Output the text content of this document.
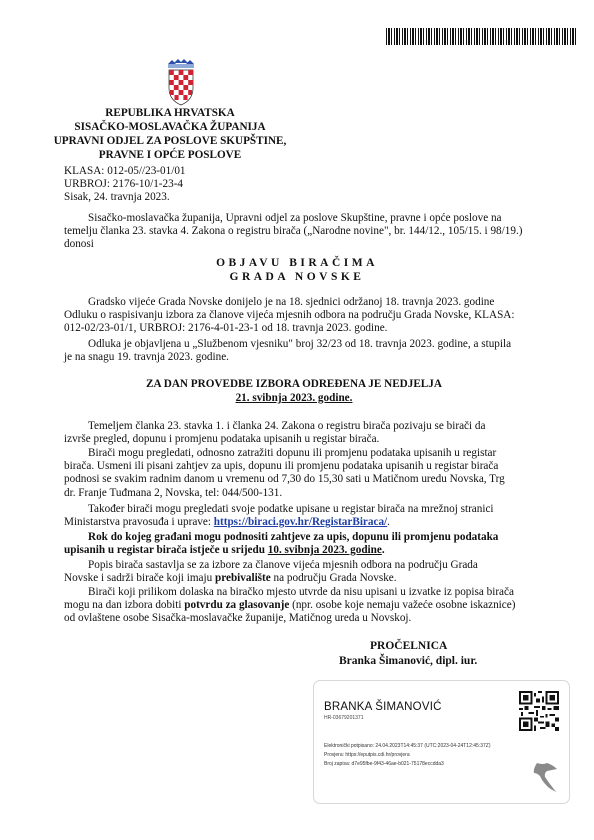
REPUBLIKA HRVATSKA
SISAČKO-MOSLAVAČKA ŽUPANIJA
UPRAVNI ODJEL ZA POSLOVE SKUPŠTINE,
PRAVNE I OPĆE POSLOVE
KLASA: 012-05//23-01/01
URBROJ: 2176-10/1-23-4
Sisak, 24. travnja 2023.
Sisačko-moslavačka županija, Upravni odjel za poslove Skupštine, pravne i opće poslove na
temelju članka 23. stavka 4. Zakona o registru birača („Narodne novine", br. 144/12., 105/15. i 98/19.)
donosi
OBJAVU BIRAČIMA
GRADA NOVSKE
Gradsko vijeće Grada Novske donijelo je na 18. sjednici održanoj 18. travnja 2023. godine
Odluku o raspisivanju izbora za članove vijeća mjesnih odbora na području Grada Novske, KLASA:
012-02/23-01/1, URBROJ: 2176-4-01-23-1 od 18. travnja 2023. godine.
Odluka je objavljena u „Službenom vjesniku" broj 32/23 od 18. travnja 2023. godine, a stupila
je na snagu 19. travnja 2023. godine.
ZA DAN PROVEDBE IZBORA ODREĐENA JE NEDJELJA
21. svibnja 2023. godine.
Temeljem članka 23. stavka 1. i članka 24. Zakona o registru birača pozivaju se birači da
izvrše pregled, dopunu i promjenu podataka upisanih u registar birača.
Birači mogu pregledati, odnosno zatražiti dopunu ili promjenu podataka upisanih u registar
birača. Usmeni ili pisani zahtjev za upis, dopunu ili promjenu podataka upisanih u registar birača
podnosi se svakim radnim danom u vremenu od 7,30 do 15,30 sati u Matičnom uredu Novska, Trg
dr. Franje Tuđmana 2, Novska, tel: 044/500-131.
Također birači mogu pregledati svoje podatke upisane u registar birača na mrežnoj stranici
Ministarstva pravosuđa i uprave: https://biraci.gov.hr/RegistarBiraca/.
Rok do kojeg građani mogu podnositi zahtjeve za upis, dopunu ili promjenu podataka
upisanih u registar birača istječe u srijedu 10. svibnja 2023. godine.
Popis birača sastavlja se za izbore za članove vijeća mjesnih odbora na području Grada
Novske i sadrži birače koji imaju prebivalište na području Grada Novske.
Birači koji prilikom dolaska na biračko mjesto utvrde da nisu upisani u izvatke iz popisa birača
mogu na dan izbora dobiti potvrdu za glasovanje (npr. osobe koje nemaju važeće osobne iskaznice)
od ovlaštene osobe Sisačka-moslavačke županije, Matičnog ureda u Novskoj.
PROČELNICA
Branka Šimanović, dipl. iur.
BRANKA ŠIMANOVIĆ
HR-03679201371
Elektronički potpisano: 24.04.2023T14:45:37 (UTC:2023-04-24T12:45:37Z)
Provjera: https://eputpis.cdi.hr/provjera
Broj zapisa: d7e95fbe-9f43-46ae-b021-75178eccdda3
